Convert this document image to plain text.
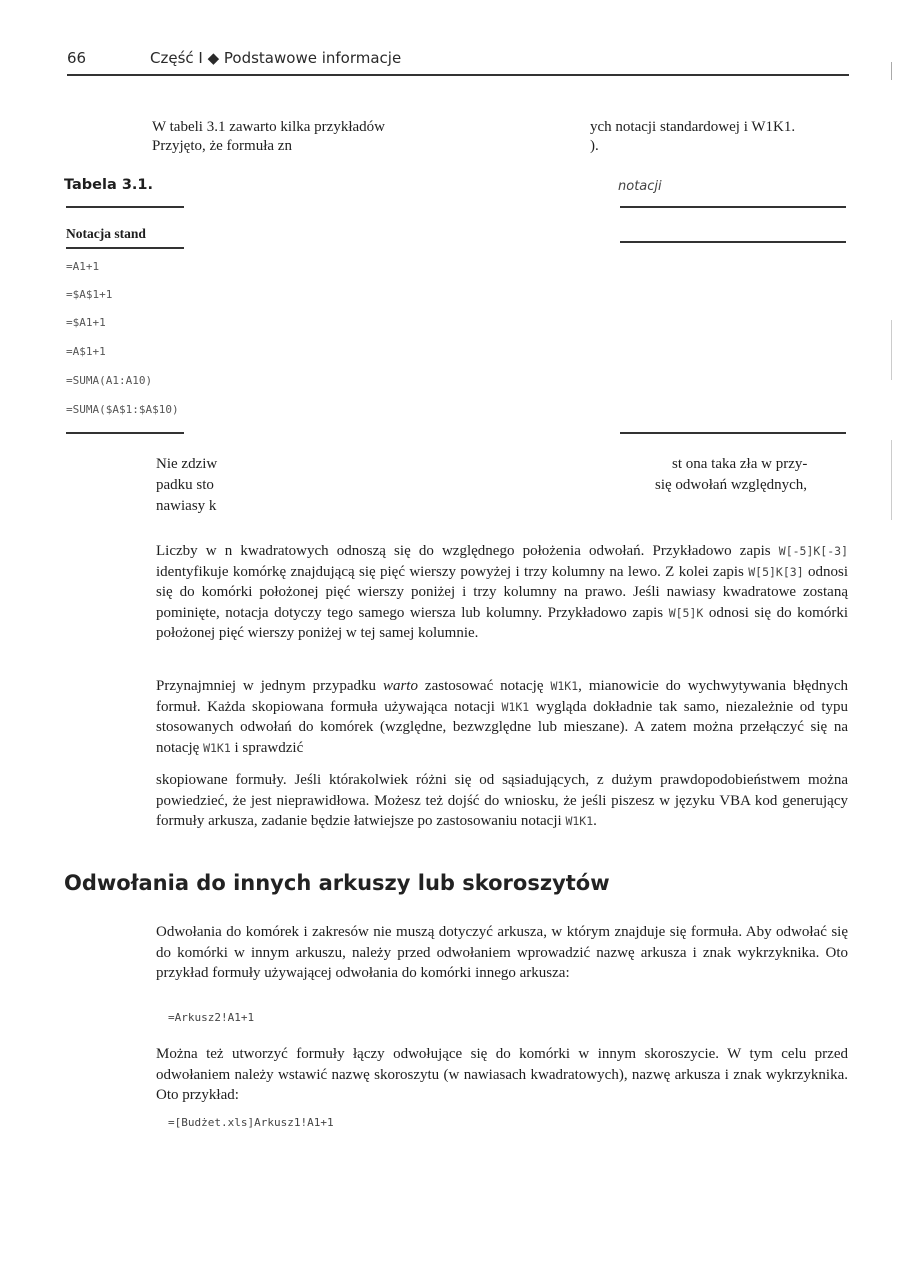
66	Część I ◆ Podstawowe informacje
W tabeli 3.1 zawarto kilka przykładów
Przyjęto, że formuła zn
ych notacji standardowej i W1K1.
).
Tabela 3.1.	notacji
Notacja stand
=A1+1
=$A$1+1
=$A1+1
=A$1+1
=SUMA(A1:A10)
=SUMA($A$1:$A$10)
Nie zdziw
padku sto
nawiasy k
st ona taka zła w przy-
się odwołań względnych,
Liczby w n kwadratowych odnoszą się do względnego położenia odwołań. Przykładowo zapis W[-5]K[-3] identyfikuje komórkę znajdującą się pięć wierszy powyżej i trzy kolumny na lewo. Z kolei zapis W[5]K[3] odnosi się do komórki położonej pięć wierszy poniżej i trzy kolumny na prawo. Jeśli nawiasy kwadratowe zostaną pominięte, notacja dotyczy tego samego wiersza lub kolumny. Przykładowo zapis W[5]K odnosi się do komórki położonej pięć wierszy poniżej w tej samej kolumnie.
Przynajmniej w jednym przypadku warto zastosować notację W1K1, mianowicie do wychwytywania błędnych formuł. Każda skopiowana formuła używająca notacji W1K1 wygląda dokładnie tak samo, niezależnie od typu stosowanych odwołań do komórek (względne, bezwzględne lub mieszane). A zatem można przełączyć się na notację W1K1 i sprawdzić
skopiowane formuły. Jeśli którakolwiek różni się od sąsiadujących, z dużym prawdopodobieństwem można powiedzieć, że jest nieprawidłowa. Możesz też dojść do wniosku, że jeśli piszesz w języku VBA kod generujący formuły arkusza, zadanie będzie łatwiejsze po zastosowaniu notacji W1K1.
Odwołania do innych arkuszy lub skoroszytów
Odwołania do komórek i zakresów nie muszą dotyczyć arkusza, w którym znajduje się formuła. Aby odwołać się do komórki w innym arkuszu, należy przed odwołaniem wprowadzić nazwę arkusza i znak wykrzyknika. Oto przykład formuły używającej odwołania do komórki innego arkusza:
=Arkusz2!A1+1
Można też utworzyć formuły łączy odwołujące się do komórki w innym skoroszycie. W tym celu przed odwołaniem należy wstawić nazwę skoroszytu (w nawiasach kwadratowych), nazwę arkusza i znak wykrzyknika. Oto przykład:
=[Budżet.xls]Arkusz1!A1+1
